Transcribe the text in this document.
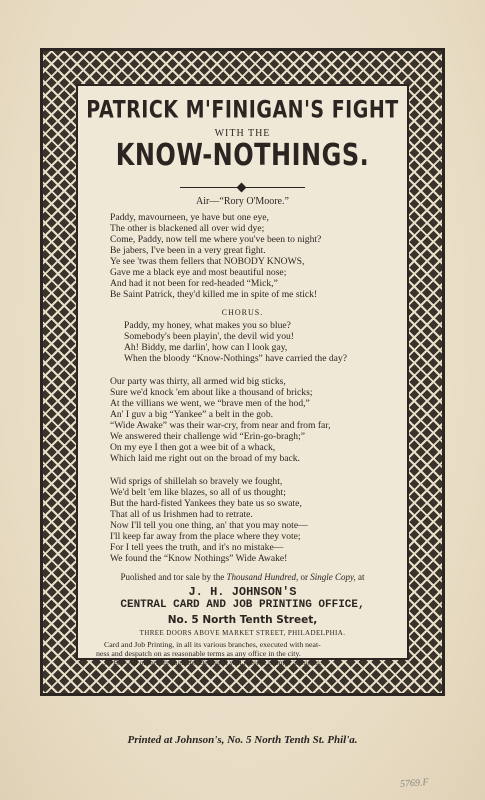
PATRICK M'FINIGAN'S FIGHT
WITH THE
KNOW-NOTHINGS.
Air—“Rory O'Moore.”
Paddy, mavourneen, ye have but one eye,
The other is blackened all over wid dye;
Come, Paddy, now tell me where you've been to night?
Be jabers, I've been in a very great fight.
Ye see 'twas them fellers that NOBODY KNOWS,
Gave me a black eye and most beautiful nose;
And had it not been for red-headed “Mick,”
Be Saint Patrick, they'd killed me in spite of me stick!
CHORUS.
Paddy, my honey, what makes you so blue?
Somebody's been playin', the devil wid you!
Ah! Biddy, me darlin', how can I look gay,
When the bloody “Know-Nothings” have carried the day?
Our party was thirty, all armed wid big sticks,
Sure we'd knock 'em about like a thousand of bricks;
At the villians we went, we “brave men of the hod,”
An' I guv a big “Yankee” a belt in the gob.
“Wide Awake” was their war-cry, from near and from far,
We answered their challenge wid “Erin-go-bragh;”
On my eye I then got a wee bit of a whack,
Which laid me right out on the broad of my back.
Wid sprigs of shillelah so bravely we fought,
We'd belt 'em like blazes, so all of us thought;
But the hard-fisted Yankees they bate us so swate,
That all of us Irishmen had to retrate.
Now I'll tell you one thing, an' that you may note—
I'll keep far away from the place where they vote;
For I tell yees the truth, and it's no mistake—
We found the “Know Nothings” Wide Awake!
Puolished and tor sale by the Thousand Hundred, or Single Copy, at
J. H. JOHNSON'S
CENTRAL CARD AND JOB PRINTING OFFICE,
No. 5 North Tenth Street,
THREE DOORS ABOVE MARKET STREET, PHILADELPHIA.
Card and Job Printing, in all its various branches, executed with neat-
ness and despatch on as reasonable terms as any office in the city.
N. B.—All orders through the Despatch will receive prompt attention.
Printed at Johnson's, No. 5 North Tenth St. Phil'a.
5769.F
